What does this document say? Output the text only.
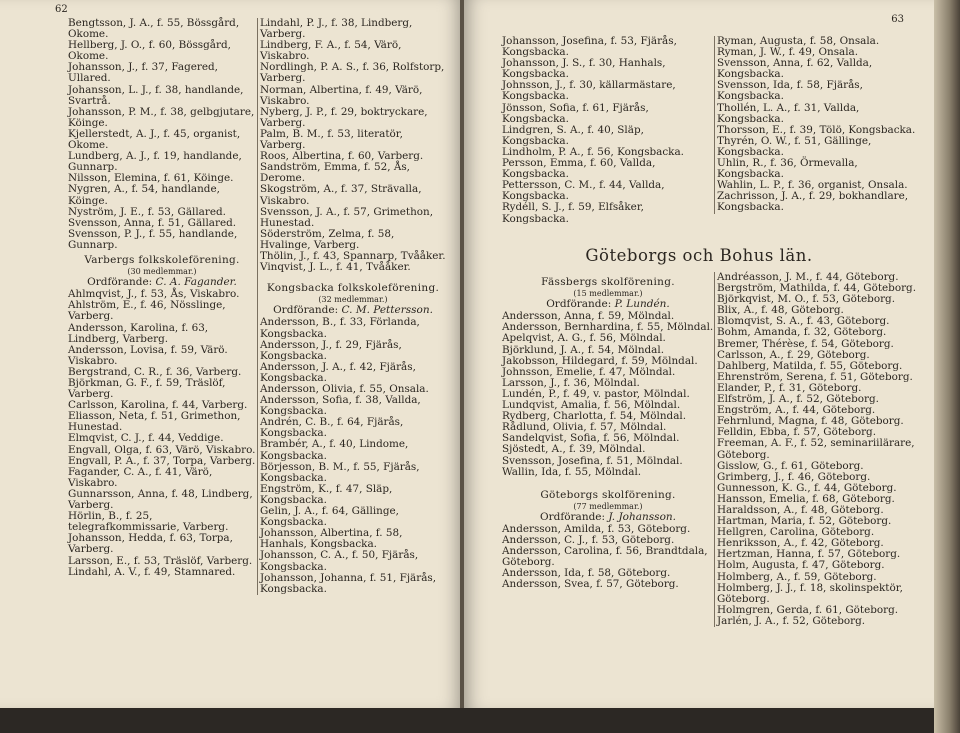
62
Bengtsson, J. A., f. 55, Bössgård, Okome.
Hellberg, J. O., f. 60, Bössgård, Okome.
Johansson, J., f. 37, Fagered, Ullared.
Johansson, L. J., f. 38, handlande, Svartrå.
Johansson, P. M., f. 38, gelbgjutare, Köinge.
Kjellerstedt, A. J., f. 45, organist, Okome.
Lundberg, A. J., f. 19, handlande, Gunnarp.
Nilsson, Elemina, f. 61, Köinge.
Nygren, A., f. 54, handlande, Köinge.
Nyström, J. E., f. 53, Gällared.
Svensson, Anna, f. 51, Gällared.
Svensson, P. J., f. 55, handlande, Gunnarp.
Varbergs folkskoleförening.
(30 medlemmar.)
Ordförande: C. A. Fagander.
Ahlmqvist, J., f. 53, Ås, Viskabro.
Ahlström, E., f. 46, Nösslinge, Varberg.
Andersson, Karolina, f. 63, Lindberg, Varberg.
Andersson, Lovisa, f. 59, Värö. Viskabro.
Bergstrand, C. R., f. 36, Varberg.
Björkman, G. F., f. 59, Träslöf, Varberg.
Carlsson, Karolina, f. 44, Varberg.
Eliasson, Neta, f. 51, Grimethon, Hunestad.
Elmqvist, C. J., f. 44, Veddige.
Engvall, Olga, f. 63, Värö, Viskabro.
Engvall, P. A., f. 37, Torpa, Varberg.
Fagander, C. A., f. 41, Värö, Viskabro.
Gunnarsson, Anna, f. 48, Lindberg, Varberg.
Hörlin, B., f. 25, telegrafkommissarie, Varberg.
Johansson, Hedda, f. 63, Torpa, Varberg.
Larsson, E., f. 53, Träslöf, Varberg.
Lindahl, A. V., f. 49, Stamnared.
Lindahl, P. J., f. 38, Lindberg, Varberg.
Lindberg, F. A., f. 54, Värö, Viskabro.
Nordlingh, P. A. S., f. 36, Rolfstorp, Varberg.
Norman, Albertina, f. 49, Värö, Viskabro.
Nyberg, J. P., f. 29, boktryckare, Varberg.
Palm, B. M., f. 53, literatör, Varberg.
Roos, Albertina, f. 60, Varberg.
Sandström, Emma, f. 52, Ås, Derome.
Skogström, A., f. 37, Strävalla, Viskabro.
Svensson, J. A., f. 57, Grimethon, Hunestad.
Söderström, Zelma, f. 58, Hvalinge, Varberg.
Thölin, J., f. 43, Spannarp, Tvååker.
Vinqvist, J. L., f. 41, Tvååker.
Kongsbacka folkskoleförening.
(32 medlemmar.)
Ordförande: C. M. Pettersson.
Andersson, B., f. 33, Förlanda, Kongsbacka.
Andersson, J., f. 29, Fjärås, Kongsbacka.
Andersson, J. A., f. 42, Fjärås, Kongsbacka.
Andersson, Olivia, f. 55, Onsala.
Andersson, Sofia, f. 38, Vallda, Kongsbacka.
Andrén, C. B., f. 64, Fjärås, Kongsbacka.
Brambér, A., f. 40, Lindome, Kongsbacka.
Börjesson, B. M., f. 55, Fjärås, Kongsbacka.
Engström, K., f. 47, Släp, Kongsbacka.
Gelin, J. A., f. 64, Gällinge, Kongsbacka.
Johansson, Albertina, f. 58, Hanhals, Kongsbacka.
Johansson, C. A., f. 50, Fjärås, Kongsbacka.
Johansson, Johanna, f. 51, Fjärås, Kongsbacka.
63
Johansson, Josefina, f. 53, Fjärås, Kongsbacka.
Johansson, J. S., f. 30, Hanhals, Kongsbacka.
Johnsson, J., f. 30, källarmästare, Kongsbacka.
Jönsson, Sofia, f. 61, Fjärås, Kongsbacka.
Lindgren, S. A., f. 40, Släp, Kongsbacka.
Lindholm, P. A., f. 56, Kongsbacka.
Persson, Emma, f. 60, Vallda, Kongsbacka.
Pettersson, C. M., f. 44, Vallda, Kongsbacka.
Rydéll, S. J., f. 59, Elfsåker, Kongsbacka.
Ryman, Augusta, f. 58, Onsala.
Ryman, J. W., f. 49, Onsala.
Svensson, Anna, f. 62, Vallda, Kongsbacka.
Svensson, Ida, f. 58, Fjärås, Kongsbacka.
Thollén, L. A., f. 31, Vallda, Kongsbacka.
Thorsson, E., f. 39, Tölö, Kongsbacka.
Thyrén, O. W., f. 51, Gällinge, Kongsbacka.
Uhlin, R., f. 36, Örmevalla, Kongsbacka.
Wahlin, L. P., f. 36, organist, Onsala.
Zachrisson, J. A., f. 29, bokhandlare, Kongsbacka.
Fässbergs skolförening.
(15 medlemmar.)
Ordförande: P. Lundén.
Andersson, Anna, f. 59, Mölndal.
Andersson, Bernhardina, f. 55, Mölndal.
Apelqvist, A. G., f. 56, Mölndal.
Björklund, J. A., f. 54, Mölndal.
Jakobsson, Hildegard, f. 59, Mölndal.
Johnsson, Emelie, f. 47, Mölndal.
Larsson, J., f. 36, Mölndal.
Lundén, P., f. 49, v. pastor, Mölndal.
Lundqvist, Amalia, f. 56, Mölndal.
Rydberg, Charlotta, f. 54, Mölndal.
Rådlund, Olivia, f. 57, Mölndal.
Sandelqvist, Sofia, f. 56, Mölndal.
Sjöstedt, A., f. 39, Mölndal.
Svensson, Josefina, f. 51, Mölndal.
Wallin, Ida, f. 55, Mölndal.
Göteborgs skolförening.
(77 medlemmar.)
Ordförande: J. Johansson.
Andersson, Amilda, f. 53, Göteborg.
Andersson, C. J., f. 53, Göteborg.
Andersson, Carolina, f. 56, Brandtdala, Göteborg.
Andersson, Ida, f. 58, Göteborg.
Andersson, Svea, f. 57, Göteborg.
Andréasson, J. M., f. 44, Göteborg.
Bergström, Mathilda, f. 44, Göteborg.
Björkqvist, M. O., f. 53, Göteborg.
Blix, A., f. 48, Göteborg.
Blomqvist, S. A., f. 43, Göteborg.
Bohm, Amanda, f. 32, Göteborg.
Bremer, Thérèse, f. 54, Göteborg.
Carlsson, A., f. 29, Göteborg.
Dahlberg, Matilda, f. 55, Göteborg.
Ehrenström, Serena, f. 51, Göteborg.
Elander, P., f. 31, Göteborg.
Elfström, J. A., f. 52, Göteborg.
Engström, A., f. 44, Göteborg.
Fehrnlund, Magna, f. 48, Göteborg.
Felldin, Ebba, f. 57, Göteborg.
Freeman, A. F., f. 52, seminariilärare, Göteborg.
Gisslow, G., f. 61, Göteborg.
Grimberg, J., f. 46, Göteborg.
Gunnesson, K. G., f. 44, Göteborg.
Hansson, Emelia, f. 68, Göteborg.
Haraldsson, A., f. 48, Göteborg.
Hartman, Maria, f. 52, Göteborg.
Hellgren, Carolina, Göteborg.
Henriksson, A., f. 42, Göteborg.
Hertzman, Hanna, f. 57, Göteborg.
Holm, Augusta, f. 47, Göteborg.
Holmberg, A., f. 59, Göteborg.
Holmberg, J. J., f. 18, skolinspektör, Göteborg.
Holmgren, Gerda, f. 61, Göteborg.
Jarlén, J. A., f. 52, Göteborg.
Göteborgs och Bohus län.
